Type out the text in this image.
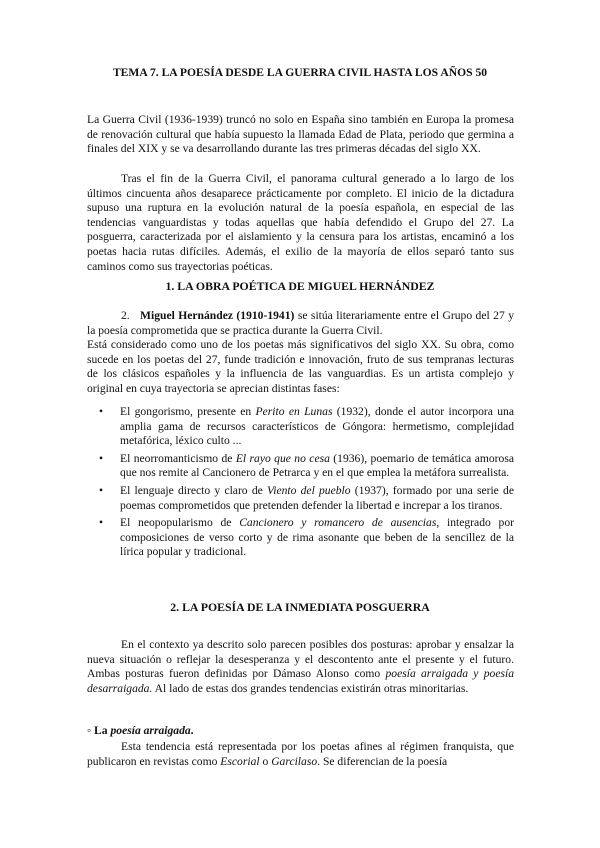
TEMA 7. LA POESÍA DESDE LA GUERRA CIVIL HASTA LOS AÑOS 50
La Guerra Civil (1936-1939) truncó no solo en España sino también en Europa la promesa de renovación cultural que había supuesto la llamada Edad de Plata, periodo que germina a finales del XIX y se va desarrollando durante las tres primeras décadas del siglo XX.
Tras el fin de la Guerra Civil, el panorama cultural generado a lo largo de los últimos cincuenta años desaparece prácticamente por completo. El inicio de la dictadura supuso una ruptura en la evolución natural de la poesía española, en especial de las tendencias vanguardistas y todas aquellas que había defendido el Grupo del 27. La posguerra, caracterizada por el aislamiento y la censura para los artistas, encaminó a los poetas hacia rutas difíciles. Además, el exilio de la mayoría de ellos separó tanto sus caminos como sus trayectorias poéticas.
1. LA OBRA POÉTICA DE MIGUEL HERNÁNDEZ
2. Miguel Hernández (1910-1941) se sitúa literariamente entre el Grupo del 27 y la poesía comprometida que se practica durante la Guerra Civil.
Está considerado como uno de los poetas más significativos del siglo XX. Su obra, como sucede en los poetas del 27, funde tradición e innovación, fruto de sus tempranas lecturas de los clásicos españoles y la influencia de las vanguardias. Es un artista complejo y original en cuya trayectoria se aprecian distintas fases:
• El gongorismo, presente en Perito en Lunas (1932), donde el autor incorpora una amplia gama de recursos característicos de Góngora: hermetismo, complejidad metafórica, léxico culto ...
• El neorromanticismo de El rayo que no cesa (1936), poemario de temática amorosa que nos remite al Cancionero de Petrarca y en el que emplea la metáfora surrealista.
• El lenguaje directo y claro de Viento del pueblo (1937), formado por una serie de poemas comprometidos que pretenden defender la libertad e increpar a los tiranos.
• El neopopularismo de Cancionero y romancero de ausencias, integrado por composiciones de verso corto y de rima asonante que beben de la sencillez de la lírica popular y tradicional.
2. LA POESÍA DE LA INMEDIATA POSGUERRA
En el contexto ya descrito solo parecen posibles dos posturas: aprobar y ensalzar la nueva situación o reflejar la desesperanza y el descontento ante el presente y el futuro. Ambas posturas fueron definidas por Dámaso Alonso como poesía arraigada y poesía desarraigada. Al lado de estas dos grandes tendencias existirán otras minoritarias.
◦ La poesía arraigada.
Esta tendencia está representada por los poetas afines al régimen franquista, que publicaron en revistas como Escorial o Garcilaso. Se diferencian de la poesía
